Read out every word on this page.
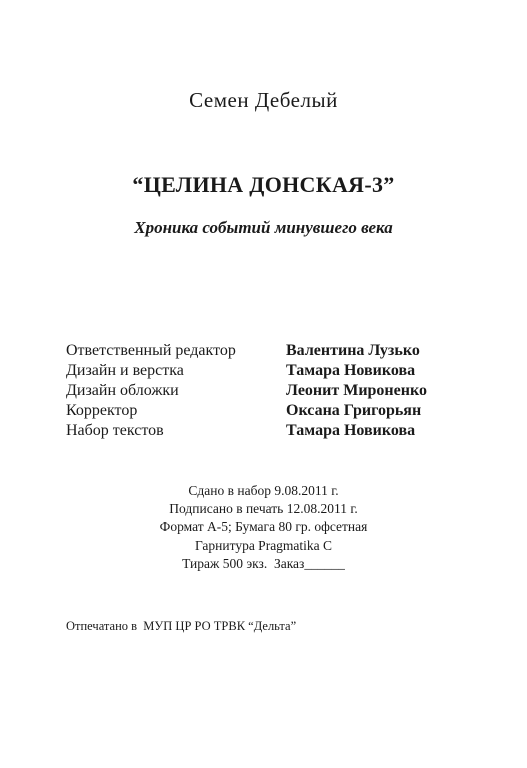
Семен Дебелый
“ЦЕЛИНА ДОНСКАЯ-3”
Хроника событий минувшего века
Ответственный редактор	Валентина Лузько
Дизайн и верстка	Тамара Новикова
Дизайн обложки	Леонит Мироненко
Корректор	Оксана Григорьян
Набор текстов	Тамара Новикова
Сдано в набор 9.08.2011 г.
Подписано в печать 12.08.2011 г.
Формат А-5; Бумага 80 гр. офсетная
Гарнитура Pragmatika C
Тираж 500 экз.  Заказ______
Отпечатано в  МУП ЦР РО ТРВК “Дельта”
